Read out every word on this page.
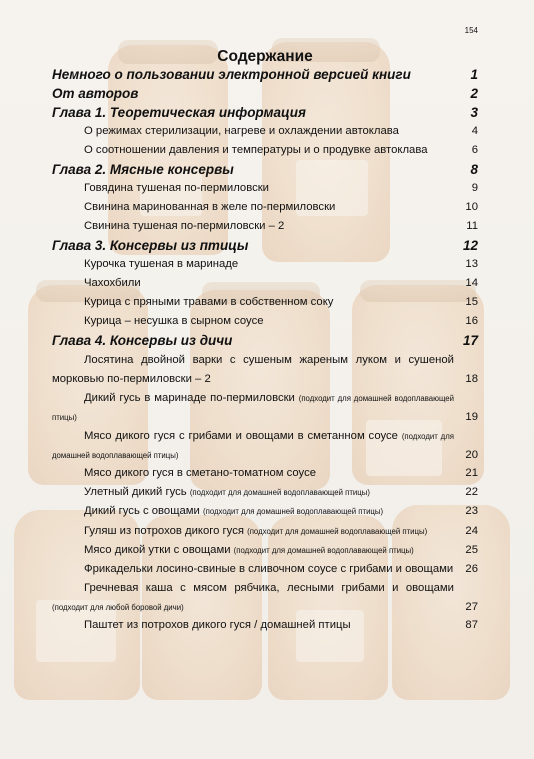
154
Содержание
Немного о пользовании электронной версией книги	1
От авторов	2
Глава 1. Теоретическая информация	3
О режимах стерилизации, нагреве и охлаждении автоклава	4
О соотношении давления и температуры и о продувке автоклава	6
Глава 2. Мясные консервы	8
Говядина тушеная по-пермиловски	9
Свинина маринованная в желе по-пермиловски	10
Свинина тушеная по-пермиловски – 2	11
Глава 3. Консервы из птицы	12
Курочка тушеная в маринаде	13
Чахохбили	14
Курица с пряными травами в собственном соку	15
Курица – несушка в сырном соусе	16
Глава 4. Консервы из дичи	17
Лосятина двойной варки с сушеным жареным луком и сушеной морковью по-пермиловски – 2	18
Дикий гусь в маринаде по-пермиловски (подходит для домашней водоплавающей птицы)	19
Мясо дикого гуся с грибами и овощами в сметанном соусе (подходит для домашней водоплавающей птицы)	20
Мясо дикого гуся в сметано-томатном соусе	21
Улетный дикий гусь (подходит для домашней водоплавающей птицы)	22
Дикий гусь с овощами (подходит для домашней водоплавающей птицы)	23
Гуляш из потрохов дикого гуся (подходит для домашней водоплавающей птицы)	24
Мясо дикой утки с овощами (подходит для домашней водоплавающей птицы)	25
Фрикадельки лосино-свиные в сливочном соусе с грибами и овощами	26
Гречневая каша с мясом рябчика, лесными грибами и овощами (подходит для любой боровой дичи)	27
Паштет из потрохов дикого гуся / домашней птицы	87
